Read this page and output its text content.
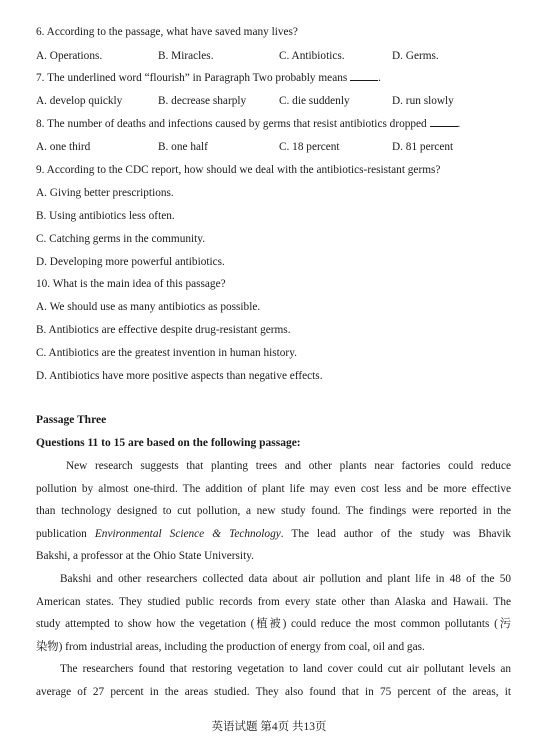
6. According to the passage, what have saved many lives?
A. Operations.	B. Miracles.	C. Antibiotics.	D. Germs.
7. The underlined word “flourish” in Paragraph Two probably means	.
A. develop quickly	B. decrease sharply	C. die suddenly	D. run slowly
8. The number of deaths and infections caused by germs that resist antibiotics dropped	.
A. one third	B. one half	C. 18 percent	D. 81 percent
9. According to the CDC report, how should we deal with the antibiotics-resistant germs?
A. Giving better prescriptions.
B. Using antibiotics less often.
C. Catching germs in the community.
D. Developing more powerful antibiotics.
10. What is the main idea of this passage?
A. We should use as many antibiotics as possible.
B. Antibiotics are effective despite drug-resistant germs.
C. Antibiotics are the greatest invention in human history.
D. Antibiotics have more positive aspects than negative effects.
Passage Three
Questions 11 to 15 are based on the following passage:
New research suggests that planting trees and other plants near factories could reduce
pollution by almost one-third. The addition of plant life may even cost less and be more effective
than technology designed to cut pollution, a new study found. The findings were reported in the
publication Environmental Science & Technology. The lead author of the study was Bhavik
Bakshi, a professor at the Ohio State University.
Bakshi and other researchers collected data about air pollution and plant life in 48 of the 50
American states. They studied public records from every state other than Alaska and Hawaii. The
study attempted to show how the vegetation (植被) could reduce the most common pollutants (污
染物) from industrial areas, including the production of energy from coal, oil and gas.
The researchers found that restoring vegetation to land cover could cut air pollutant levels an
average of 27 percent in the areas studied. They also found that in 75 percent of the areas, it
英语试题 第4页 共13页
